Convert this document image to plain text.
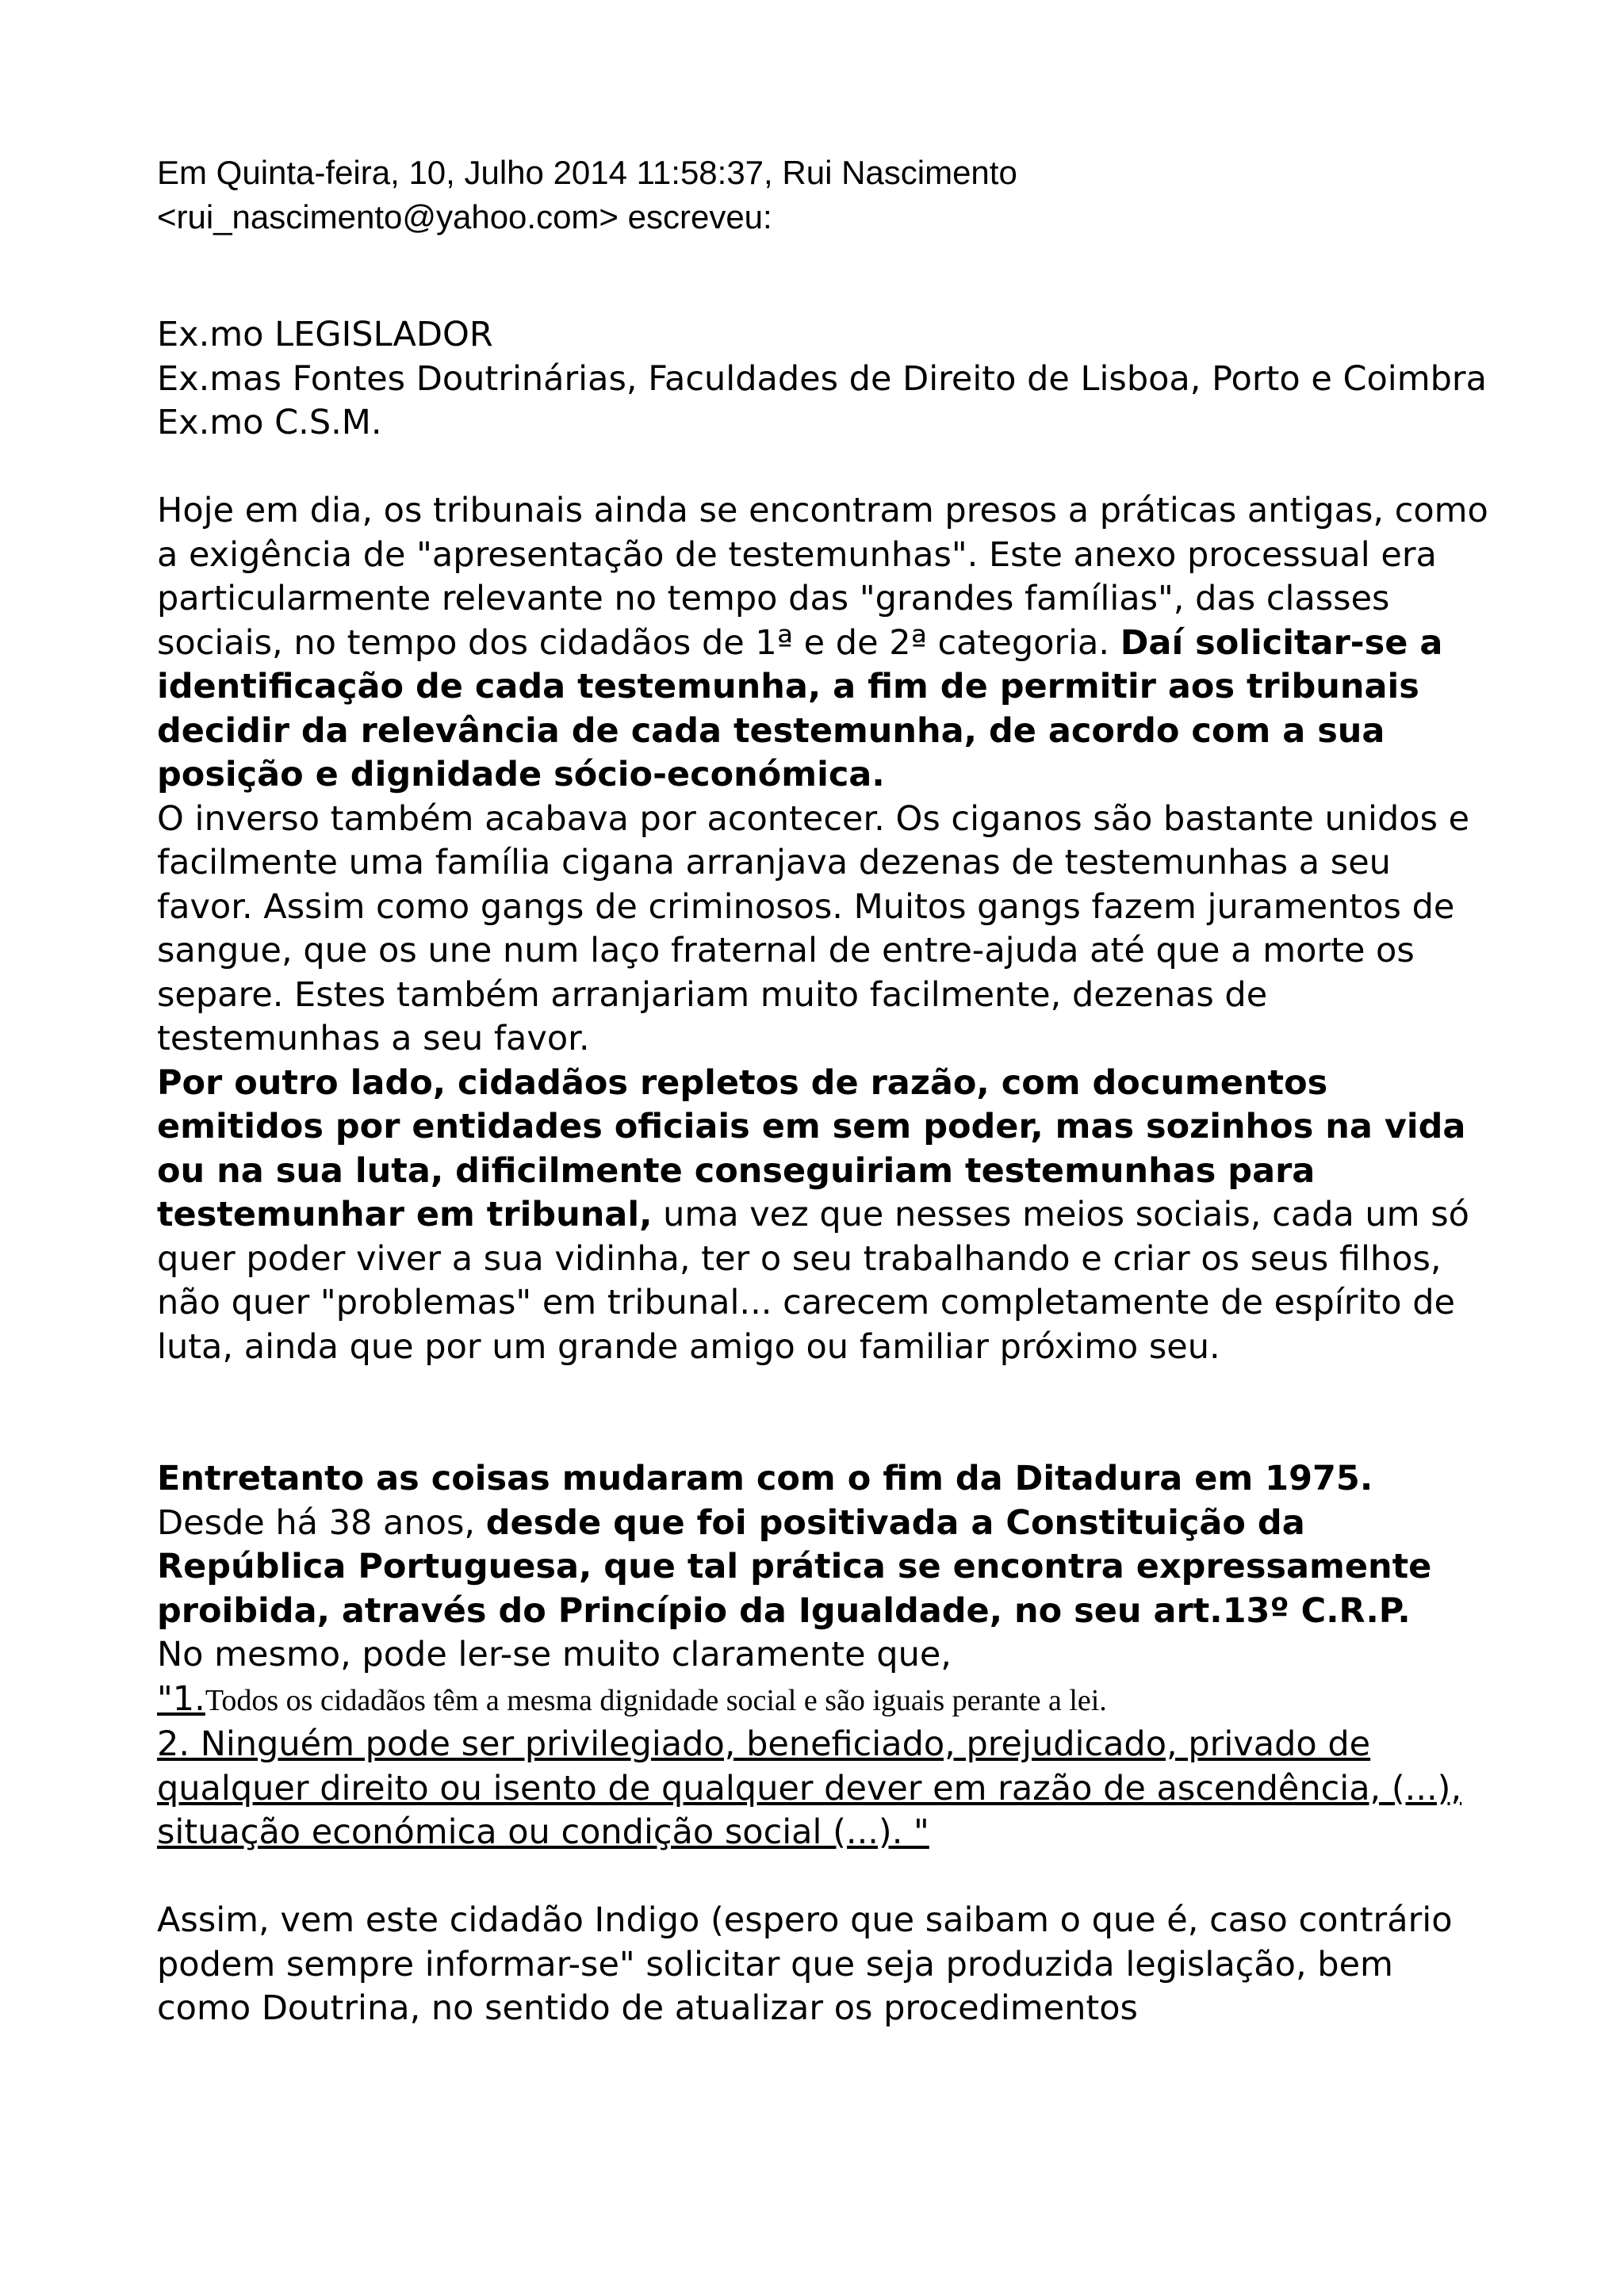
Em Quinta-feira, 10, Julho 2014 11:58:37, Rui Nascimento

<rui_nascimento@yahoo.com> escreveu:

Ex.mo LEGISLADOR

Ex.mas Fontes Doutrinárias, Faculdades de Direito de Lisboa, Porto e Coimbra

Ex.mo C.S.M.

Hoje em dia, os tribunais ainda se encontram presos a práticas antigas, como a exigência de "apresentação de testemunhas". Este anexo processual era particularmente relevante no tempo das "grandes famílias", das classes sociais, no tempo dos cidadãos de 1ª e de 2ª categoria. Daí solicitar-se a identificação de cada testemunha, a fim de permitir aos tribunais decidir da relevância de cada testemunha, de acordo com a sua posição e dignidade sócio-económica.

O inverso também acabava por acontecer. Os ciganos são bastante unidos e facilmente uma família cigana arranjava dezenas de testemunhas a seu favor. Assim como gangs de criminosos. Muitos gangs fazem juramentos de sangue, que os une num laço fraternal de entre-ajuda até que a morte os separe. Estes também arranjariam muito facilmente, dezenas de testemunhas a seu favor.

Por outro lado, cidadãos repletos de razão, com documentos emitidos por entidades oficiais em sem poder, mas sozinhos na vida ou na sua luta, dificilmente conseguiriam testemunhas para testemunhar em tribunal, uma vez que nesses meios sociais, cada um só quer poder viver a sua vidinha, ter o seu trabalhando e criar os seus filhos, não quer "problemas" em tribunal... carecem completamente de espírito de luta, ainda que por um grande amigo ou familiar próximo seu.

Entretanto as coisas mudaram com o fim da Ditadura em 1975.

Desde há 38 anos, desde que foi positivada a Constituição da República Portuguesa, que tal prática se encontra expressamente proibida, através do Princípio da Igualdade, no seu art.13º C.R.P.

No mesmo, pode ler-se muito claramente que,

"1.Todos os cidadãos têm a mesma dignidade social e são iguais perante a lei.

2. Ninguém pode ser privilegiado, beneficiado, prejudicado, privado de qualquer direito ou isento de qualquer dever em razão de ascendência, (...), situação económica ou condição social (...). "

Assim, vem este cidadão Indigo (espero que saibam o que é, caso contrário podem sempre informar-se" solicitar que seja produzida legislação, bem como Doutrina, no sentido de atualizar os procedimentos
